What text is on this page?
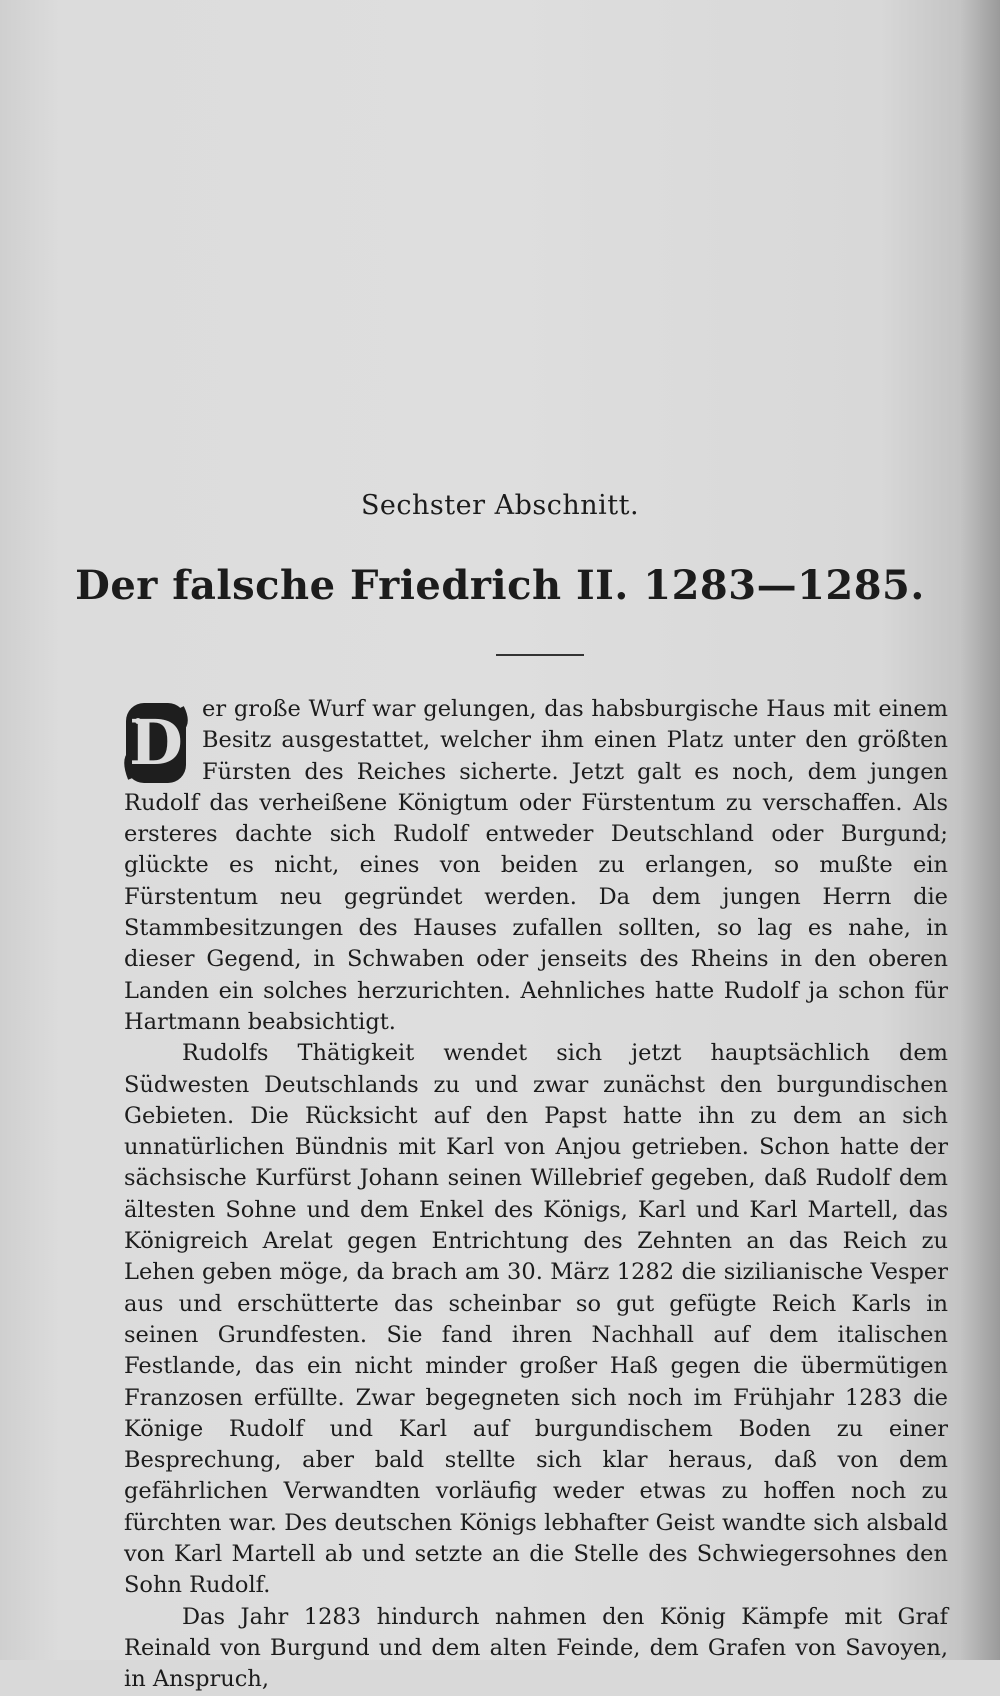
Sechster Abschnitt.
Der falsche Friedrich II. 1283—1285.

D er große Wurf war gelungen, das habsburgische Haus mit einem Besitz ausgestattet, welcher ihm einen Platz unter den größten Fürsten des Reiches sicherte. Jetzt galt es noch, dem jungen Rudolf das verheißene Königtum oder Fürstentum zu verschaffen. Als ersteres dachte sich Rudolf entweder Deutschland oder Burgund; glückte es nicht, eines von beiden zu erlangen, so mußte ein Fürstentum neu gegründet werden. Da dem jungen Herrn die Stammbesitzungen des Hauses zufallen sollten, so lag es nahe, in dieser Gegend, in Schwaben oder jenseits des Rheins in den oberen Landen ein solches herzurichten. Aehnliches hatte Rudolf ja schon für Hartmann beabsichtigt.

Rudolfs Thätigkeit wendet sich jetzt hauptsächlich dem Südwesten Deutschlands zu und zwar zunächst den burgundischen Gebieten. Die Rücksicht auf den Papst hatte ihn zu dem an sich unnatürlichen Bündnis mit Karl von Anjou getrieben. Schon hatte der sächsische Kurfürst Johann seinen Willebrief gegeben, daß Rudolf dem ältesten Sohne und dem Enkel des Königs, Karl und Karl Martell, das Königreich Arelat gegen Entrichtung des Zehnten an das Reich zu Lehen geben möge, da brach am 30. März 1282 die sizilianische Vesper aus und erschütterte das scheinbar so gut gefügte Reich Karls in seinen Grundfesten. Sie fand ihren Nachhall auf dem italischen Festlande, das ein nicht minder großer Haß gegen die übermütigen Franzosen erfüllte. Zwar begegneten sich noch im Frühjahr 1283 die Könige Rudolf und Karl auf burgundischem Boden zu einer Besprechung, aber bald stellte sich klar heraus, daß von dem gefährlichen Verwandten vorläufig weder etwas zu hoffen noch zu fürchten war. Des deutschen Königs lebhafter Geist wandte sich alsbald von Karl Martell ab und setzte an die Stelle des Schwiegersohnes den Sohn Rudolf.

Das Jahr 1283 hindurch nahmen den König Kämpfe mit Graf Reinald von Burgund und dem alten Feinde, dem Grafen von Savoyen, in Anspruch,
